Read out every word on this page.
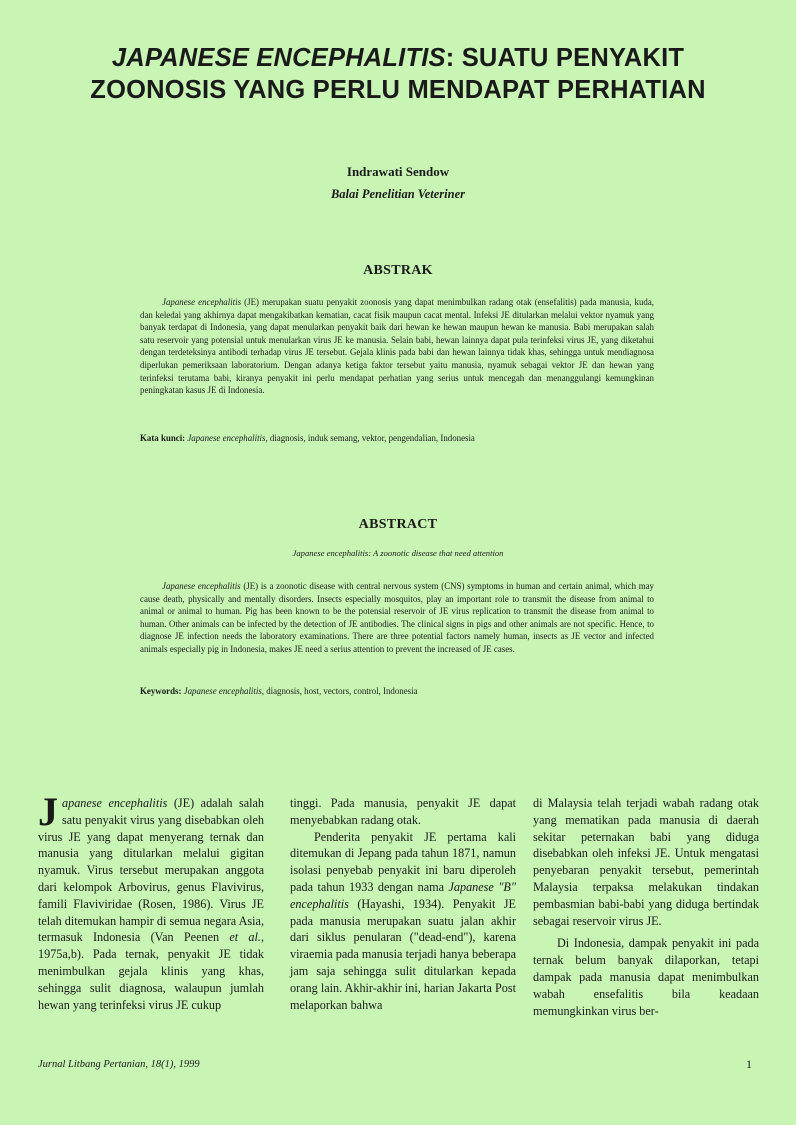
JAPANESE ENCEPHALITIS: SUATU PENYAKIT
ZOONOSIS YANG PERLU MENDAPAT PERHATIAN
Indrawati Sendow
Balai Penelitian Veteriner
ABSTRAK

Japanese encephalitis (JE) merupakan suatu penyakit zoonosis yang dapat menimbulkan radang otak (ensefalitis) pada manusia, kuda, dan keledai yang akhirnya dapat mengakibatkan kematian, cacat fisik maupun cacat mental. Infeksi JE ditularkan melalui vektor nyamuk yang banyak terdapat di Indonesia, yang dapat menularkan penyakit baik dari hewan ke hewan maupun hewan ke manusia. Babi merupakan salah satu reservoir yang potensial untuk menularkan virus JE ke manusia. Selain babi, hewan lainnya dapat pula terinfeksi virus JE, yang diketahui dengan terdeteksinya antibodi terhadap virus JE tersebut. Gejala klinis pada babi dan hewan lainnya tidak khas, sehingga untuk mendiagnosa diperlukan pemeriksaan laboratorium. Dengan adanya ketiga faktor tersebut yaitu manusia, nyamuk sebagai vektor JE dan hewan yang terinfeksi terutama babi, kiranya penyakit ini perlu mendapat perhatian yang serius untuk mencegah dan menanggulangi kemungkinan peningkatan kasus JE di Indonesia.

Kata kunci: Japanese encephalitis, diagnosis, induk semang, vektor, pengendalian, Indonesia
ABSTRACT
Japanese encephalitis: A zoonotic disease that need attention

Japanese encephalitis (JE) is a zoonotic disease with central nervous system (CNS) symptoms in human and certain animal, which may cause death, physically and mentally disorders. Insects especially mosquitos, play an important role to transmit the disease from animal to animal or animal to human. Pig has been known to be the potensial reservoir of JE virus replication to transmit the disease from animal to human. Other animals can be infected by the detection of JE antibodies. The clinical signs in pigs and other animals are not specific. Hence, to diagnose JE infection needs the laboratory examinations. There are three potential factors namely human, insects as JE vector and infected animals especially pig in Indonesia, makes JE need a serius attention to prevent the increased of JE cases.

Keywords: Japanese encephalitis, diagnosis, host, vectors, control, Indonesia

Japanese encephalitis (JE) adalah salah satu penyakit virus yang disebabkan oleh virus JE yang dapat menyerang ternak dan manusia yang ditularkan melalui gigitan nyamuk. Virus tersebut merupakan anggota dari kelompok Arbovirus, genus Flavivirus, famili Flaviviridae (Rosen, 1986). Virus JE telah ditemukan hampir di semua negara Asia, termasuk Indonesia (Van Peenen et al., 1975a,b). Pada ternak, penyakit JE tidak menimbulkan gejala klinis yang khas, sehingga sulit diagnosa, walaupun jumlah hewan yang terinfeksi virus JE cukup

tinggi. Pada manusia, penyakit JE dapat menyebabkan radang otak.

Penderita penyakit JE pertama kali ditemukan di Jepang pada tahun 1871, namun isolasi penyebab penyakit ini baru diperoleh pada tahun 1933 dengan nama Japanese "B" encephalitis (Hayashi, 1934). Penyakit JE pada manusia merupakan suatu jalan akhir dari siklus penularan ("dead-end"), karena viraemia pada manusia terjadi hanya beberapa jam saja sehingga sulit ditularkan kepada orang lain. Akhir-akhir ini, harian Jakarta Post melaporkan bahwa

di Malaysia telah terjadi wabah radang otak yang mematikan pada manusia di daerah sekitar peternakan babi yang diduga disebabkan oleh infeksi JE. Untuk mengatasi penyebaran penyakit tersebut, pemerintah Malaysia terpaksa melakukan tindakan pembasmian babi-babi yang diduga bertindak sebagai reservoir virus JE.

Di Indonesia, dampak penyakit ini pada ternak belum banyak dilaporkan, tetapi dampak pada manusia dapat menimbulkan wabah ensefalitis bila keadaan memungkinkan virus ber-

Jurnal Litbang Pertanian, 18(1), 1999	1
